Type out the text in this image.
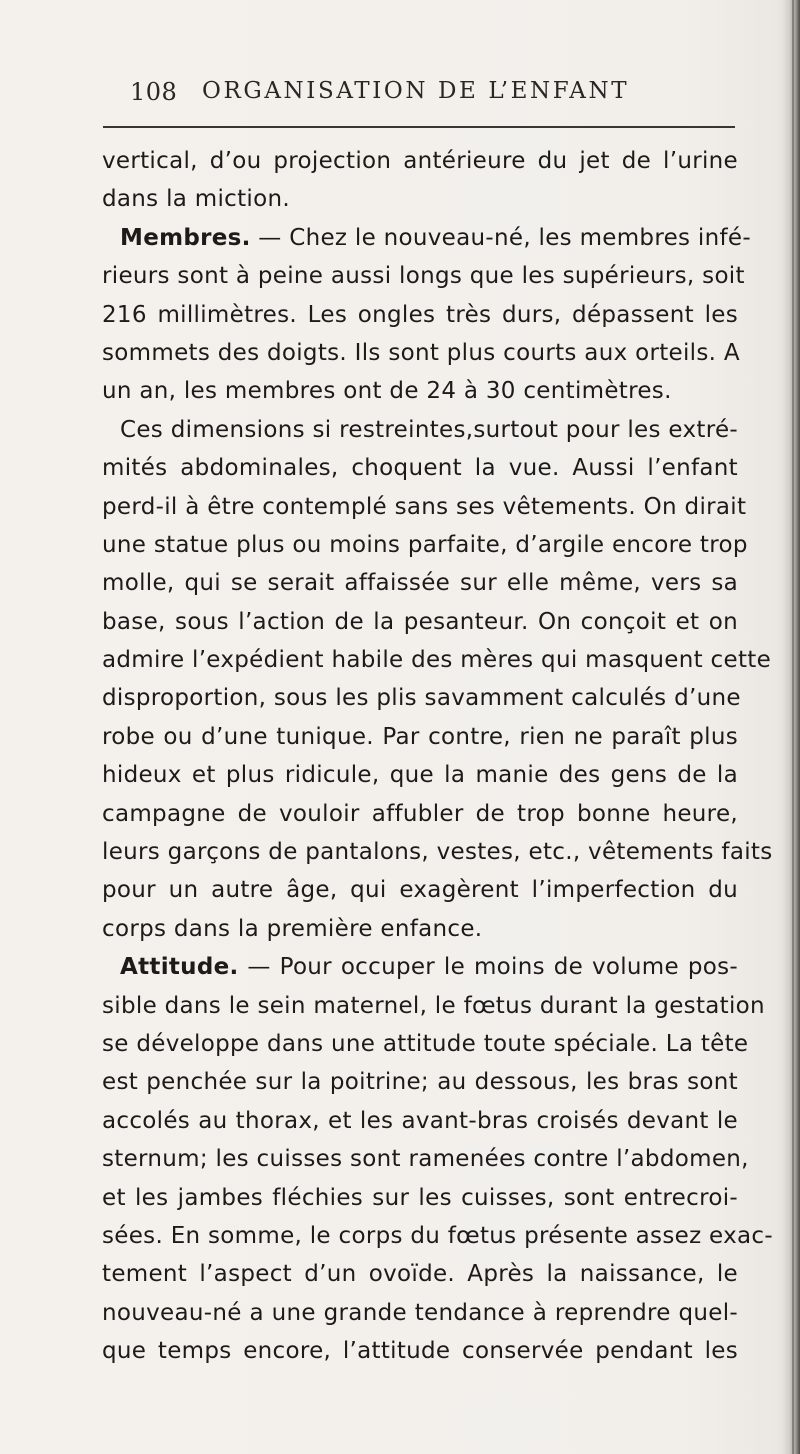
108 ORGANISATION DE L’ENFANT
vertical, d’ou projection antérieure du jet de l’urine
dans la miction.
Membres. — Chez le nouveau-né, les membres infé-
rieurs sont à peine aussi longs que les supérieurs, soit
216 millimètres. Les ongles très durs, dépassent les
sommets des doigts. Ils sont plus courts aux orteils. A
un an, les membres ont de 24 à 30 centimètres.
Ces dimensions si restreintes,surtout pour les extré-
mités abdominales, choquent la vue. Aussi l’enfant
perd-il à être contemplé sans ses vêtements. On dirait
une statue plus ou moins parfaite, d’argile encore trop
molle, qui se serait affaissée sur elle même, vers sa
base, sous l’action de la pesanteur. On conçoit et on
admire l’expédient habile des mères qui masquent cette
disproportion, sous les plis savamment calculés d’une
robe ou d’une tunique. Par contre, rien ne paraît plus
hideux et plus ridicule, que la manie des gens de la
campagne de vouloir affubler de trop bonne heure,
leurs garçons de pantalons, vestes, etc., vêtements faits
pour un autre âge, qui exagèrent l’imperfection du
corps dans la première enfance.
Attitude. — Pour occuper le moins de volume pos-
sible dans le sein maternel, le fœtus durant la gestation
se développe dans une attitude toute spéciale. La tête
est penchée sur la poitrine; au dessous, les bras sont
accolés au thorax, et les avant-bras croisés devant le
sternum; les cuisses sont ramenées contre l’abdomen,
et les jambes fléchies sur les cuisses, sont entrecroi-
sées. En somme, le corps du fœtus présente assez exac-
tement l’aspect d’un ovoïde. Après la naissance, le
nouveau-né a une grande tendance à reprendre quel-
que temps encore, l’attitude conservée pendant les
